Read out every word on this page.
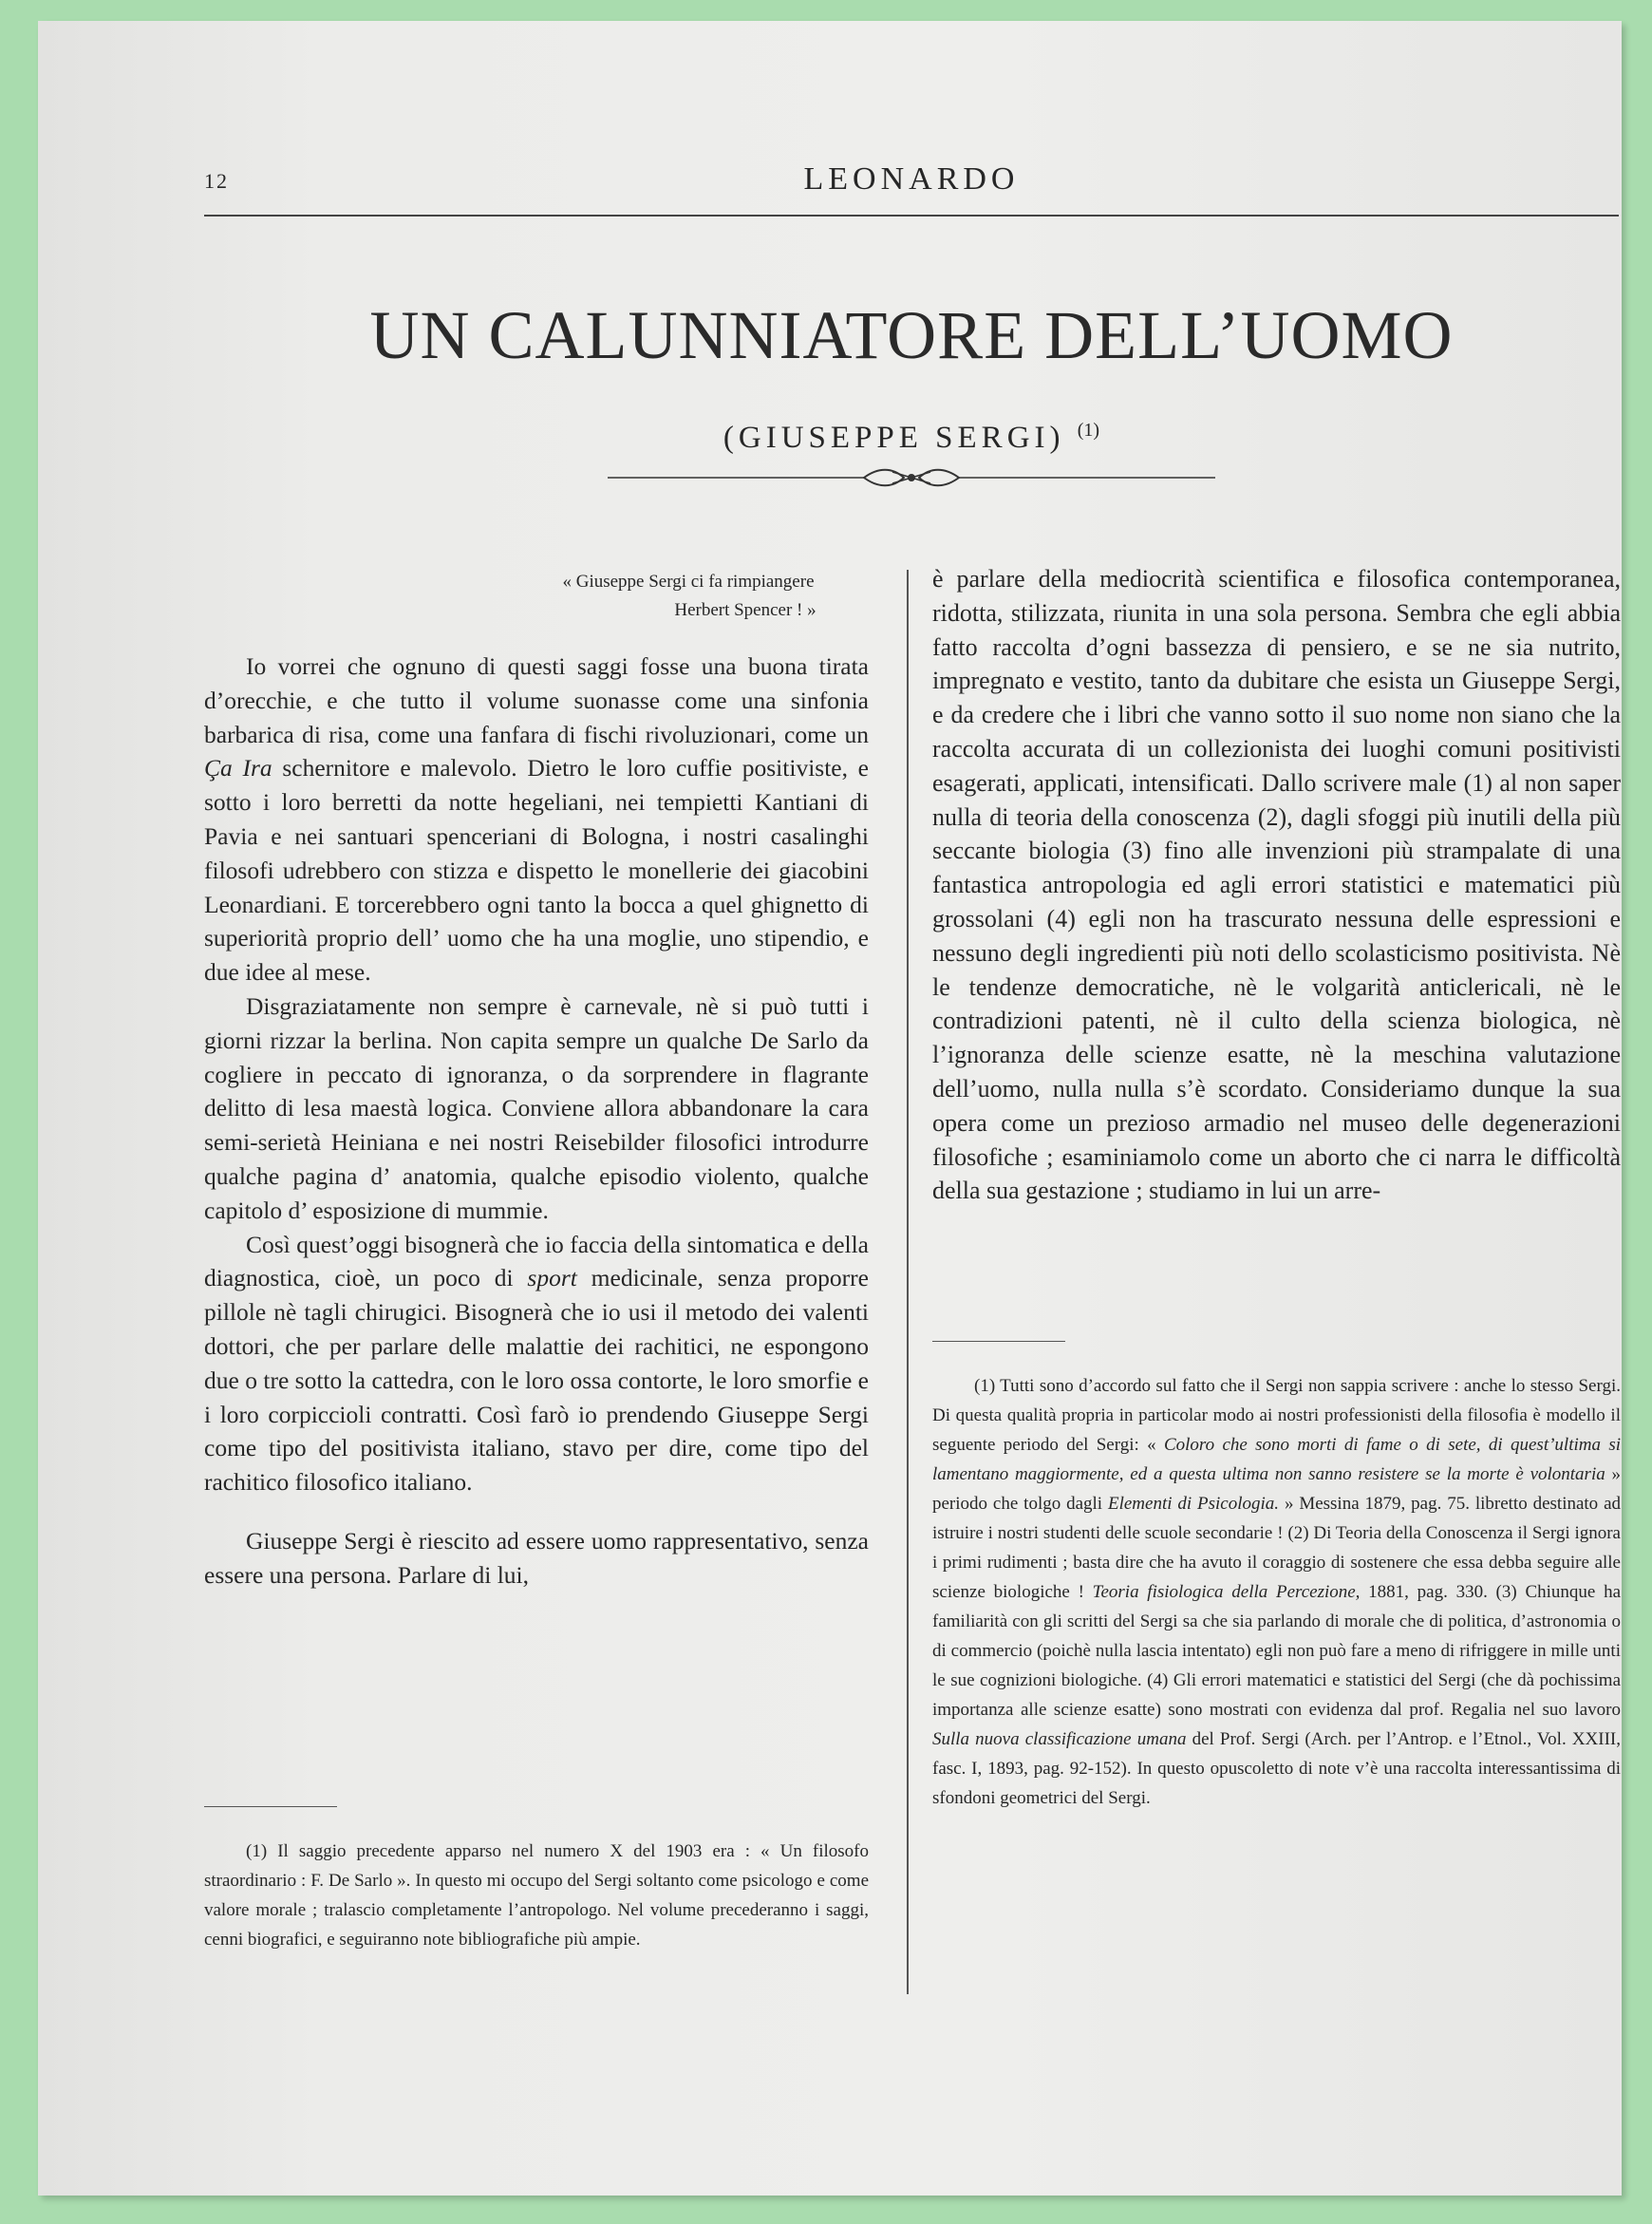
12	LEONARDO
UN CALUNNIATORE DELL’UOMO
(GIUSEPPE SERGI) $^{(1)}$
« Giuseppe Sergi ci fa rimpiangere
Herbert Spencer ! »

Io vorrei che ognuno di questi saggi fosse una buona tirata d’orecchie, e che tutto il volume suonasse come una sinfonia barbarica di risa, come una fanfara di fischi rivoluzionari, come un Ça Ira schernitore e malevolo. Dietro le loro cuffie positiviste, e sotto i loro berretti da notte hegeliani, nei tempietti Kantiani di Pavia e nei santuari spenceriani di Bologna, i nostri casalinghi filosofi udrebbero con stizza e dispetto le monellerie dei giacobini Leonardiani. E torcerebbero ogni tanto la bocca a quel ghignetto di superiorità proprio dell’ uomo che ha una moglie, uno stipendio, e due idee al mese.

Disgraziatamente non sempre è carnevale, nè si può tutti i giorni rizzar la berlina. Non capita sempre un qualche De Sarlo da cogliere in peccato di ignoranza, o da sorprendere in flagrante delitto di lesa maestà logica. Conviene allora abbandonare la cara semi-serietà Heiniana e nei nostri Reisebilder filosofici introdurre qualche pagina d’ anatomia, qualche episodio violento, qualche capitolo d’ esposizione di mummie.

Così quest’oggi bisognerà che io faccia della sintomatica e della diagnostica, cioè, un poco di sport medicinale, senza proporre pillole nè tagli chirugici. Bisognerà che io usi il metodo dei valenti dottori, che per parlare delle malattie dei rachitici, ne espongono due o tre sotto la cattedra, con le loro ossa contorte, le loro smorfie e i loro corpiccioli contratti. Così farò io prendendo Giuseppe Sergi come tipo del positivista italiano, stavo per dire, come tipo del rachitico filosofico italiano.

Giuseppe Sergi è riescito ad essere uomo rappresentativo, senza essere una persona. Parlare di lui,

è parlare della mediocrità scientifica e filosofica contemporanea, ridotta, stilizzata, riunita in una sola persona. Sembra che egli abbia fatto raccolta d’ogni bassezza di pensiero, e se ne sia nutrito, impregnato e vestito, tanto da dubitare che esista un Giuseppe Sergi, e da credere che i libri che vanno sotto il suo nome non siano che la raccolta accurata di un collezionista dei luoghi comuni positivisti esagerati, applicati, intensificati. Dallo scrivere male (1) al non saper nulla di teoria della conoscenza (2), dagli sfoggi più inutili della più seccante biologia (3) fino alle invenzioni più strampalate di una fantastica antropologia ed agli errori statistici e matematici più grossolani (4) egli non ha trascurato nessuna delle espressioni e nessuno degli ingredienti più noti dello scolasticismo positivista. Nè le tendenze democratiche, nè le volgarità anticlericali, nè le contradizioni patenti, nè il culto della scienza biologica, nè l’ignoranza delle scienze esatte, nè la meschina valutazione dell’uomo, nulla nulla s’è scordato. Consideriamo dunque la sua opera come un prezioso armadio nel museo delle degenerazioni filosofiche ; esaminiamolo come un aborto che ci narra le difficoltà della sua gestazione ; studiamo in lui un arre-

(1) Il saggio precedente apparso nel numero X del 1903 era : « Un filosofo straordinario : F. De Sarlo ». In questo mi occupo del Sergi soltanto come psicologo e come valore morale ; tralascio completamente l’antropologo. Nel volume precederanno i saggi, cenni biografici, e seguiranno note bibliografiche più ampie.

(1) Tutti sono d’accordo sul fatto che il Sergi non sappia scrivere : anche lo stesso Sergi. Di questa qualità propria in particolar modo ai nostri professionisti della filosofia è modello il seguente periodo del Sergi: « Coloro che sono morti di fame o di sete, di quest’ultima si lamentano maggiormente, ed a questa ultima non sanno resistere se la morte è volontaria » periodo che tolgo dagli Elementi di Psicologia. » Messina 1879, pag. 75. libretto destinato ad istruire i nostri studenti delle scuole secondarie ! (2) Di Teoria della Conoscenza il Sergi ignora i primi rudimenti ; basta dire che ha avuto il coraggio di sostenere che essa debba seguire alle scienze biologiche ! Teoria fisiologica della Percezione, 1881, pag. 330. (3) Chiunque ha familiarità con gli scritti del Sergi sa che sia parlando di morale che di politica, d’astronomia o di commercio (poichè nulla lascia intentato) egli non può fare a meno di rifriggere in mille unti le sue cognizioni biologiche. (4) Gli errori matematici e statistici del Sergi (che dà pochissima importanza alle scienze esatte) sono mostrati con evidenza dal prof. Regalia nel suo lavoro Sulla nuova classificazione umana del Prof. Sergi (Arch. per l’Antrop. e l’Etnol., Vol. XXIII, fasc. I, 1893, pag. 92-152). In questo opuscoletto di note v’è una raccolta interessantissima di sfondoni geometrici del Sergi.
